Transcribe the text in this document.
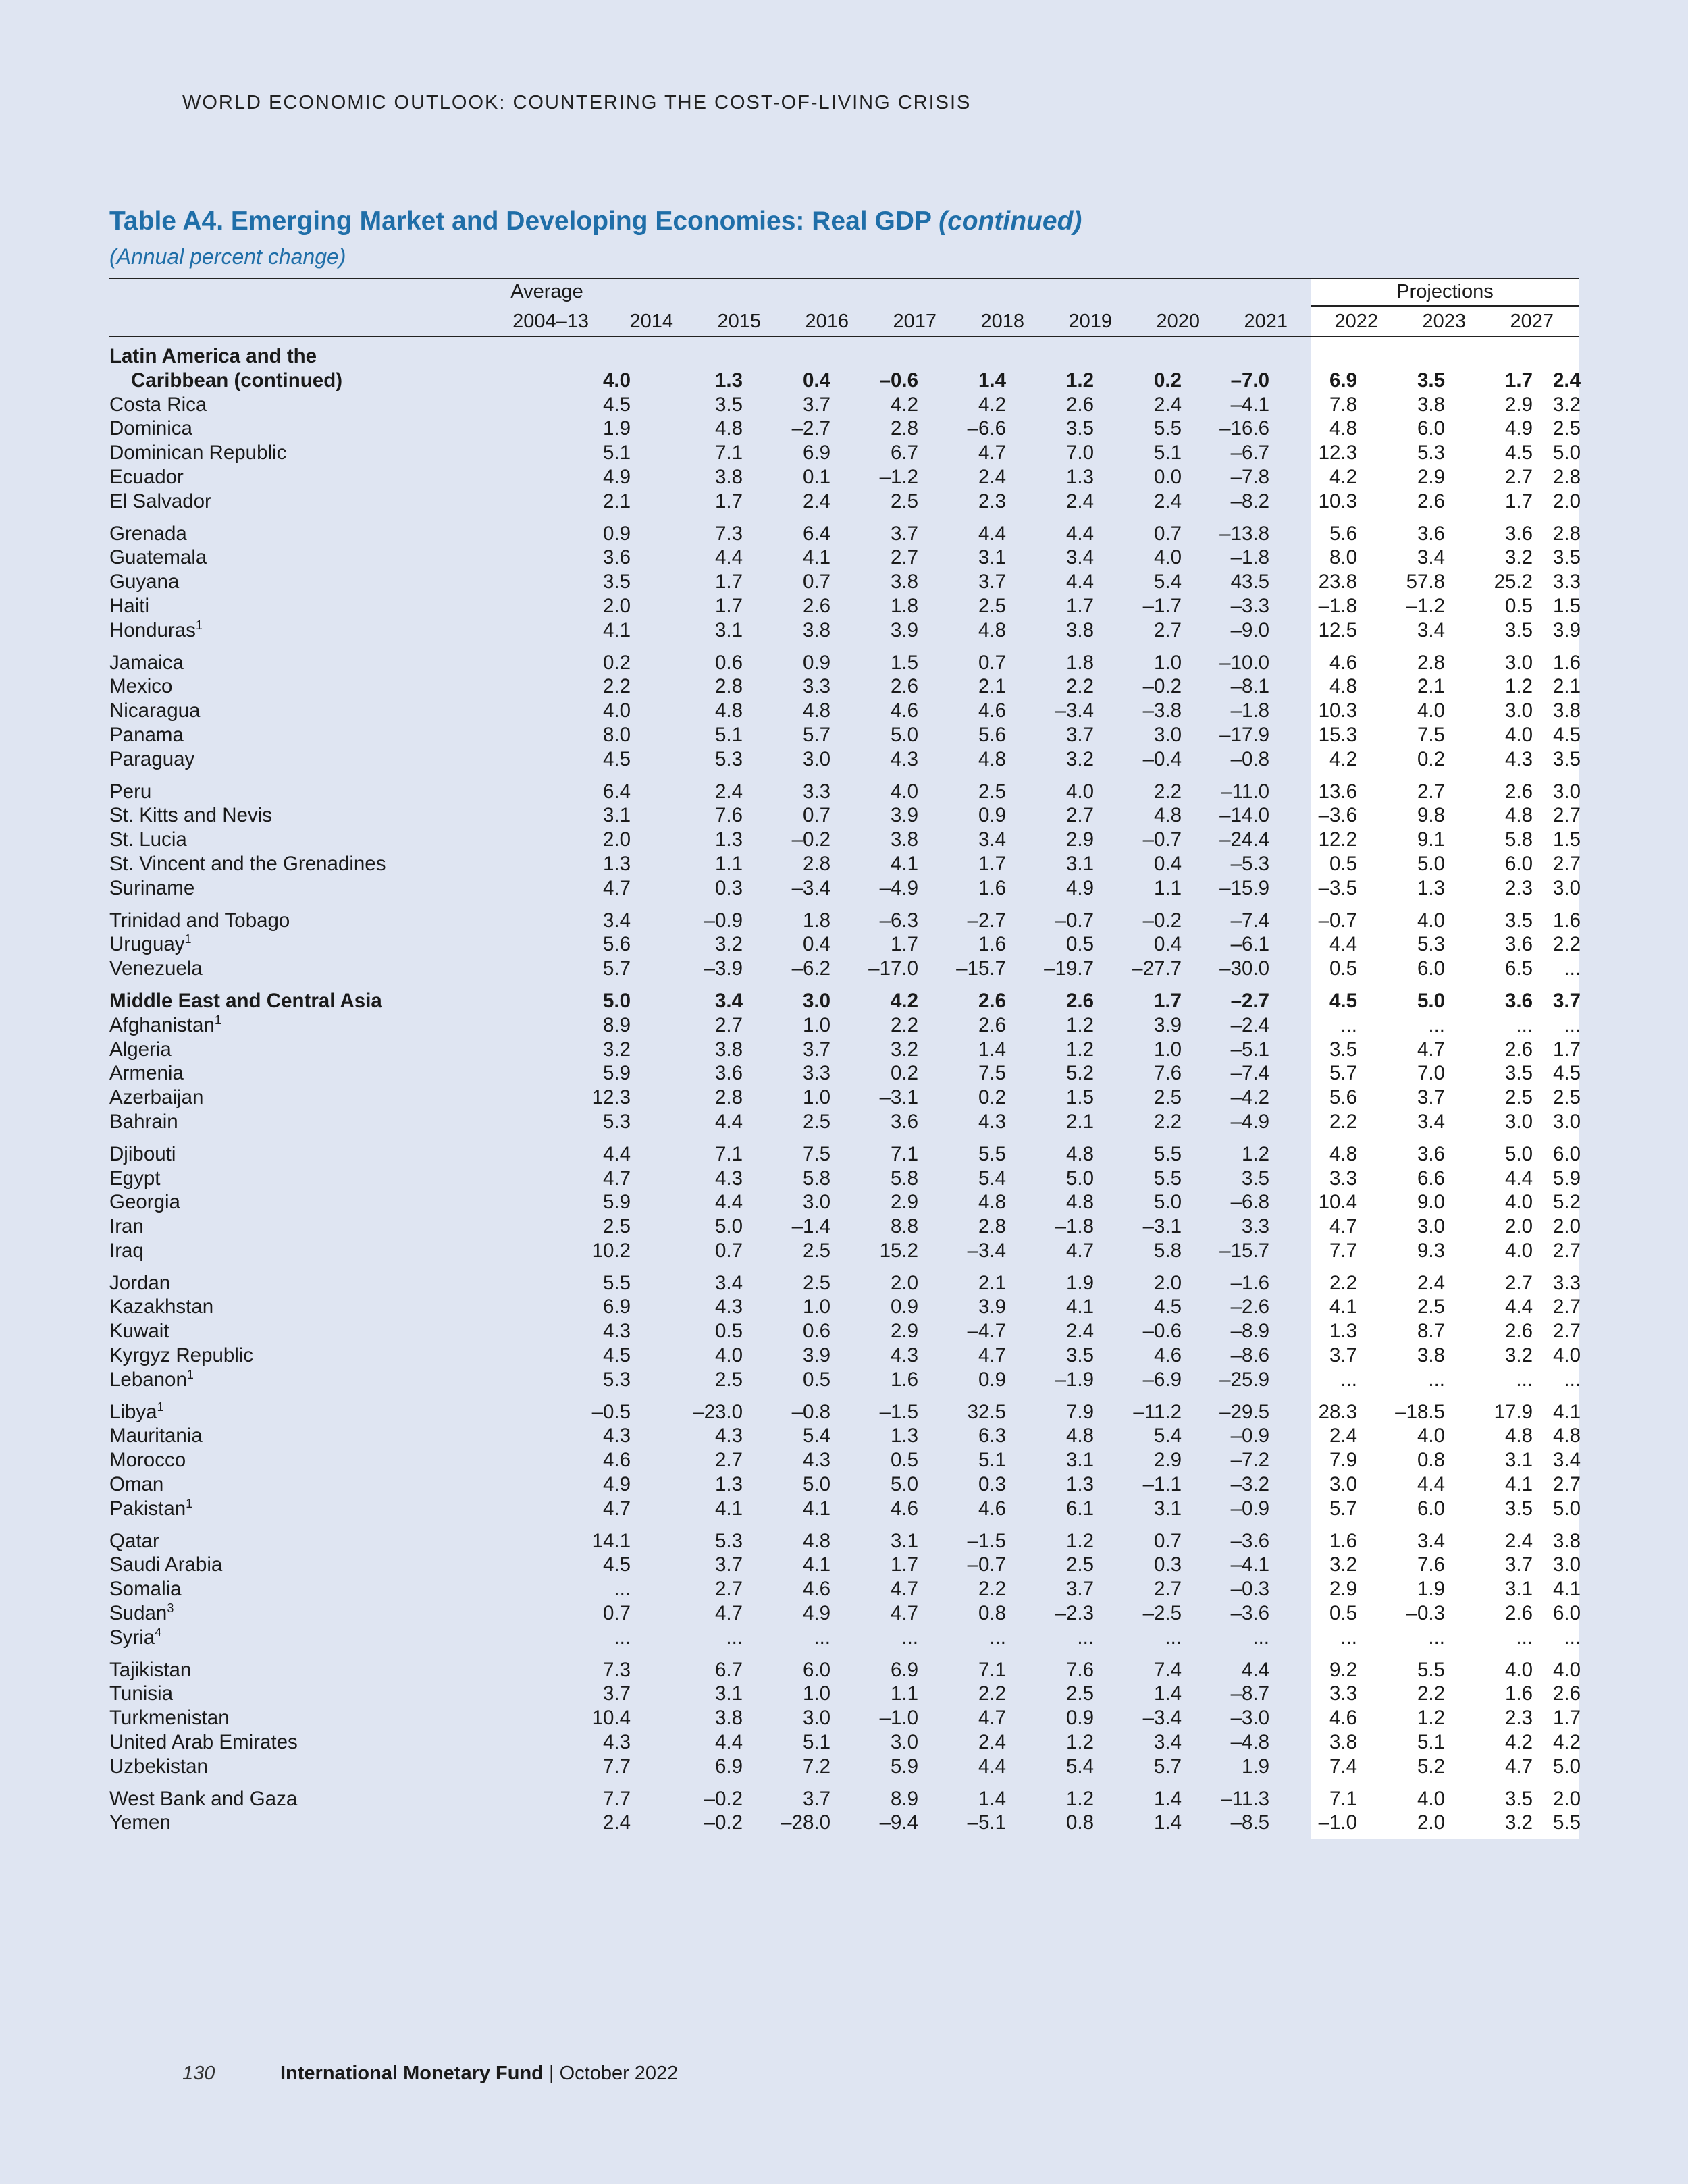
WORLD ECONOMIC OUTLOOK: COUNTERING THE COST-OF-LIVING CRISIS
Table A4. Emerging Market and Developing Economies: Real GDP (continued)
(Annual percent change)
Average	Projections
2004–13	2014	2015	2016	2017	2018	2019	2020	2021	2022	2023	2027
Latin America and the												
Caribbean (continued)	4.0	1.3	0.4	–0.6	1.4	1.2	0.2	–7.0	6.9	3.5	1.7	2.4
Costa Rica	4.5	3.5	3.7	4.2	4.2	2.6	2.4	–4.1	7.8	3.8	2.9	3.2
Dominica	1.9	4.8	–2.7	2.8	–6.6	3.5	5.5	–16.6	4.8	6.0	4.9	2.5
Dominican Republic	5.1	7.1	6.9	6.7	4.7	7.0	5.1	–6.7	12.3	5.3	4.5	5.0
Ecuador	4.9	3.8	0.1	–1.2	2.4	1.3	0.0	–7.8	4.2	2.9	2.7	2.8
El Salvador	2.1	1.7	2.4	2.5	2.3	2.4	2.4	–8.2	10.3	2.6	1.7	2.0
Grenada	0.9	7.3	6.4	3.7	4.4	4.4	0.7	–13.8	5.6	3.6	3.6	2.8
Guatemala	3.6	4.4	4.1	2.7	3.1	3.4	4.0	–1.8	8.0	3.4	3.2	3.5
Guyana	3.5	1.7	0.7	3.8	3.7	4.4	5.4	43.5	23.8	57.8	25.2	3.3
Haiti	2.0	1.7	2.6	1.8	2.5	1.7	–1.7	–3.3	–1.8	–1.2	0.5	1.5
Honduras$^1$	4.1	3.1	3.8	3.9	4.8	3.8	2.7	–9.0	12.5	3.4	3.5	3.9
Jamaica	0.2	0.6	0.9	1.5	0.7	1.8	1.0	–10.0	4.6	2.8	3.0	1.6
Mexico	2.2	2.8	3.3	2.6	2.1	2.2	–0.2	–8.1	4.8	2.1	1.2	2.1
Nicaragua	4.0	4.8	4.8	4.6	4.6	–3.4	–3.8	–1.8	10.3	4.0	3.0	3.8
Panama	8.0	5.1	5.7	5.0	5.6	3.7	3.0	–17.9	15.3	7.5	4.0	4.5
Paraguay	4.5	5.3	3.0	4.3	4.8	3.2	–0.4	–0.8	4.2	0.2	4.3	3.5
Peru	6.4	2.4	3.3	4.0	2.5	4.0	2.2	–11.0	13.6	2.7	2.6	3.0
St. Kitts and Nevis	3.1	7.6	0.7	3.9	0.9	2.7	4.8	–14.0	–3.6	9.8	4.8	2.7
St. Lucia	2.0	1.3	–0.2	3.8	3.4	2.9	–0.7	–24.4	12.2	9.1	5.8	1.5
St. Vincent and the Grenadines	1.3	1.1	2.8	4.1	1.7	3.1	0.4	–5.3	0.5	5.0	6.0	2.7
Suriname	4.7	0.3	–3.4	–4.9	1.6	4.9	1.1	–15.9	–3.5	1.3	2.3	3.0
Trinidad and Tobago	3.4	–0.9	1.8	–6.3	–2.7	–0.7	–0.2	–7.4	–0.7	4.0	3.5	1.6
Uruguay$^1$	5.6	3.2	0.4	1.7	1.6	0.5	0.4	–6.1	4.4	5.3	3.6	2.2
Venezuela	5.7	–3.9	–6.2	–17.0	–15.7	–19.7	–27.7	–30.0	0.5	6.0	6.5	...
Middle East and Central Asia	5.0	3.4	3.0	4.2	2.6	2.6	1.7	–2.7	4.5	5.0	3.6	3.7
Afghanistan$^1$	8.9	2.7	1.0	2.2	2.6	1.2	3.9	–2.4	...	...	...	...
Algeria	3.2	3.8	3.7	3.2	1.4	1.2	1.0	–5.1	3.5	4.7	2.6	1.7
Armenia	5.9	3.6	3.3	0.2	7.5	5.2	7.6	–7.4	5.7	7.0	3.5	4.5
Azerbaijan	12.3	2.8	1.0	–3.1	0.2	1.5	2.5	–4.2	5.6	3.7	2.5	2.5
Bahrain	5.3	4.4	2.5	3.6	4.3	2.1	2.2	–4.9	2.2	3.4	3.0	3.0
Djibouti	4.4	7.1	7.5	7.1	5.5	4.8	5.5	1.2	4.8	3.6	5.0	6.0
Egypt	4.7	4.3	5.8	5.8	5.4	5.0	5.5	3.5	3.3	6.6	4.4	5.9
Georgia	5.9	4.4	3.0	2.9	4.8	4.8	5.0	–6.8	10.4	9.0	4.0	5.2
Iran	2.5	5.0	–1.4	8.8	2.8	–1.8	–3.1	3.3	4.7	3.0	2.0	2.0
Iraq	10.2	0.7	2.5	15.2	–3.4	4.7	5.8	–15.7	7.7	9.3	4.0	2.7
Jordan	5.5	3.4	2.5	2.0	2.1	1.9	2.0	–1.6	2.2	2.4	2.7	3.3
Kazakhstan	6.9	4.3	1.0	0.9	3.9	4.1	4.5	–2.6	4.1	2.5	4.4	2.7
Kuwait	4.3	0.5	0.6	2.9	–4.7	2.4	–0.6	–8.9	1.3	8.7	2.6	2.7
Kyrgyz Republic	4.5	4.0	3.9	4.3	4.7	3.5	4.6	–8.6	3.7	3.8	3.2	4.0
Lebanon$^1$	5.3	2.5	0.5	1.6	0.9	–1.9	–6.9	–25.9	...	...	...	...
Libya$^1$	–0.5	–23.0	–0.8	–1.5	32.5	7.9	–11.2	–29.5	28.3	–18.5	17.9	4.1
Mauritania	4.3	4.3	5.4	1.3	6.3	4.8	5.4	–0.9	2.4	4.0	4.8	4.8
Morocco	4.6	2.7	4.3	0.5	5.1	3.1	2.9	–7.2	7.9	0.8	3.1	3.4
Oman	4.9	1.3	5.0	5.0	0.3	1.3	–1.1	–3.2	3.0	4.4	4.1	2.7
Pakistan$^1$	4.7	4.1	4.1	4.6	4.6	6.1	3.1	–0.9	5.7	6.0	3.5	5.0
Qatar	14.1	5.3	4.8	3.1	–1.5	1.2	0.7	–3.6	1.6	3.4	2.4	3.8
Saudi Arabia	4.5	3.7	4.1	1.7	–0.7	2.5	0.3	–4.1	3.2	7.6	3.7	3.0
Somalia	...	2.7	4.6	4.7	2.2	3.7	2.7	–0.3	2.9	1.9	3.1	4.1
Sudan$^3$	0.7	4.7	4.9	4.7	0.8	–2.3	–2.5	–3.6	0.5	–0.3	2.6	6.0
Syria$^4$	...	...	...	...	...	...	...	...	...	...	...	...
Tajikistan	7.3	6.7	6.0	6.9	7.1	7.6	7.4	4.4	9.2	5.5	4.0	4.0
Tunisia	3.7	3.1	1.0	1.1	2.2	2.5	1.4	–8.7	3.3	2.2	1.6	2.6
Turkmenistan	10.4	3.8	3.0	–1.0	4.7	0.9	–3.4	–3.0	4.6	1.2	2.3	1.7
United Arab Emirates	4.3	4.4	5.1	3.0	2.4	1.2	3.4	–4.8	3.8	5.1	4.2	4.2
Uzbekistan	7.7	6.9	7.2	5.9	4.4	5.4	5.7	1.9	7.4	5.2	4.7	5.0
West Bank and Gaza	7.7	–0.2	3.7	8.9	1.4	1.2	1.4	–11.3	7.1	4.0	3.5	2.0
Yemen	2.4	–0.2	–28.0	–9.4	–5.1	0.8	1.4	–8.5	–1.0	2.0	3.2	5.5
130	International Monetary Fund | October 2022
